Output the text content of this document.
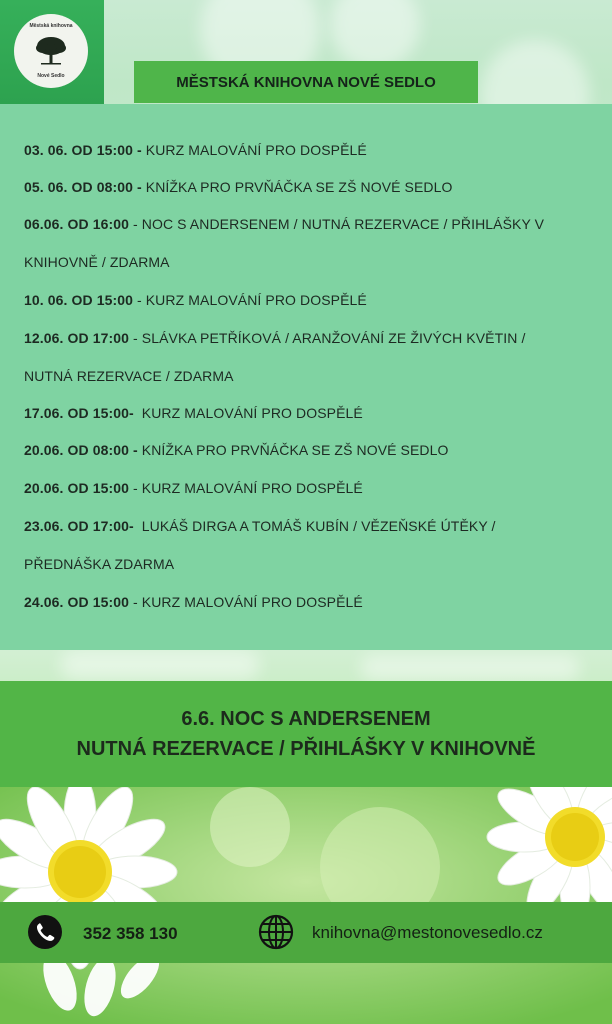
Městská knihovna
Nové Sedlo	MĚSTSKÁ KNIHOVNA NOVÉ SEDLO
03. 06. OD 15:00 - KURZ MALOVÁNÍ PRO DOSPĚLÉ
05. 06. OD 08:00 - KNÍŽKA PRO PRVŇÁČKA SE ZŠ NOVÉ SEDLO
06.06. OD 16:00 - NOC S ANDERSENEM / NUTNÁ REZERVACE / PŘIHLÁŠKY V
KNIHOVNĚ / ZDARMA
10. 06. OD 15:00 - KURZ MALOVÁNÍ PRO DOSPĚLÉ
12.06. OD 17:00 - SLÁVKA PETŘÍKOVÁ / ARANŽOVÁNÍ ZE ŽIVÝCH KVĚTIN /
NUTNÁ REZERVACE / ZDARMA
17.06. OD 15:00-  KURZ MALOVÁNÍ PRO DOSPĚLÉ
20.06. OD 08:00 - KNÍŽKA PRO PRVŇÁČKA SE ZŠ NOVÉ SEDLO
20.06. OD 15:00 - KURZ MALOVÁNÍ PRO DOSPĚLÉ
23.06. OD 17:00-  LUKÁŠ DIRGA A TOMÁŠ KUBÍN / VĚZEŇSKÉ ÚTĚKY /
PŘEDNÁŠKA ZDARMA
24.06. OD 15:00 - KURZ MALOVÁNÍ PRO DOSPĚLÉ
6.6. NOC S ANDERSENEM
NUTNÁ REZERVACE / PŘIHLÁŠKY V KNIHOVNĚ
352 358 130	knihovna@mestonovesedlo.cz
